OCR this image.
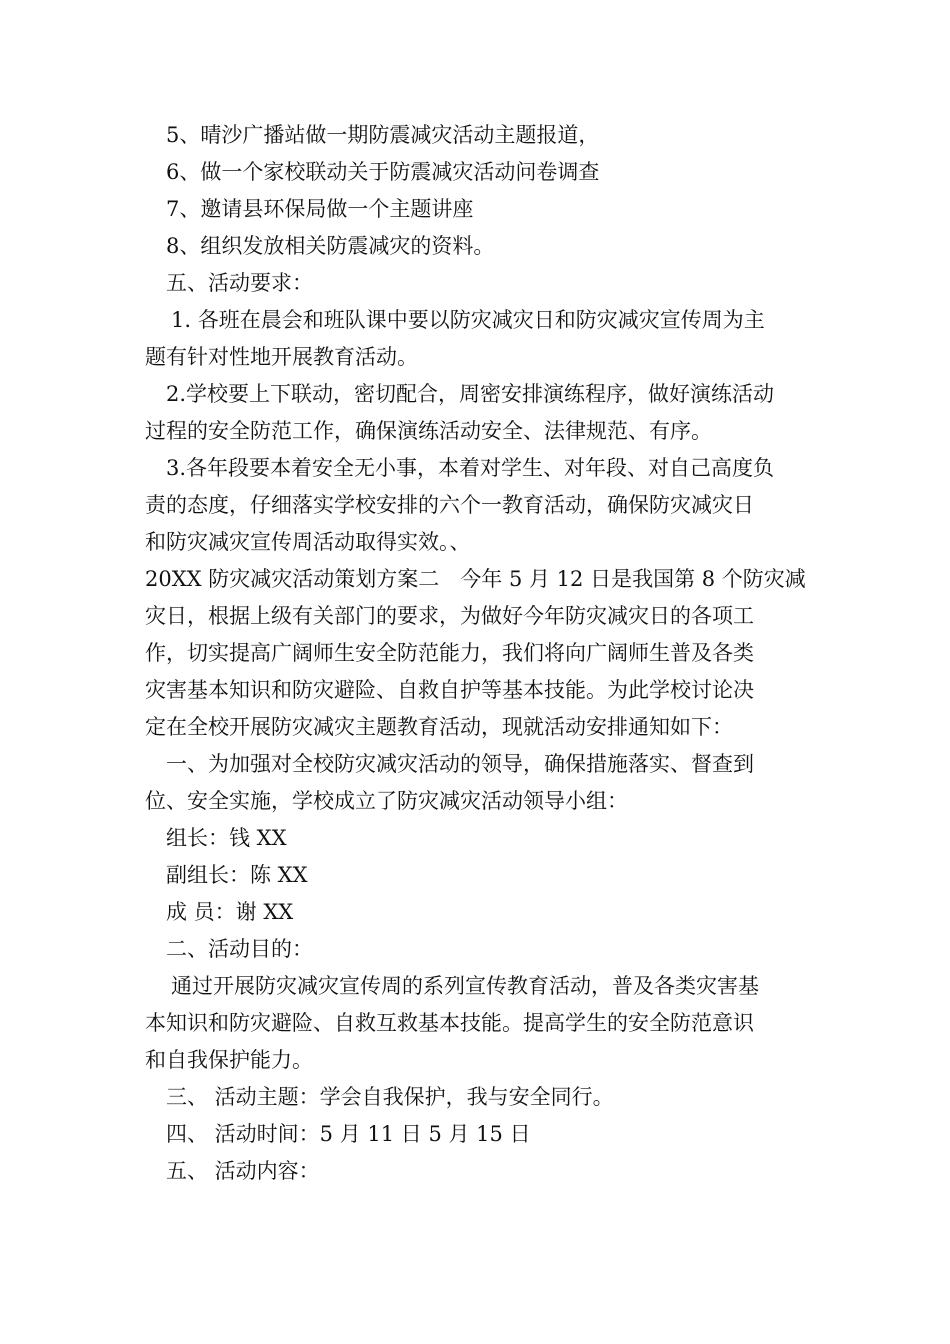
5、晴沙广播站做一期防震减灾活动主题报道，
6、做一个家校联动关于防震减灾活动问卷调查
7、邀请县环保局做一个主题讲座
8、组织发放相关防震减灾的资料。
五、活动要求：
1. 各班在晨会和班队课中要以防灾减灾日和防灾减灾宣传周为主
题有针对性地开展教育活动。
2.学校要上下联动，密切配合，周密安排演练程序，做好演练活动
过程的安全防范工作，确保演练活动安全、法律规范、有序。
3.各年段要本着安全无小事，本着对学生、对年段、对自己高度负
责的态度，仔细落实学校安排的六个一教育活动，确保防灾减灾日
和防灾减灾宣传周活动取得实效。、
20XX 防灾减灾活动策划方案二　今年 5 月 12 日是我国第 8 个防灾减
灾日，根据上级有关部门的要求，为做好今年防灾减灾日的各项工
作，切实提高广阔师生安全防范能力，我们将向广阔师生普及各类
灾害基本知识和防灾避险、自救自护等基本技能。为此学校讨论决
定在全校开展防灾减灾主题教育活动，现就活动安排通知如下：
一、为加强对全校防灾减灾活动的领导，确保措施落实、督查到
位、安全实施，学校成立了防灾减灾活动领导小组：
组长：钱 XX
副组长：陈 XX
成 员：谢 XX
二、活动目的：
通过开展防灾减灾宣传周的系列宣传教育活动，普及各类灾害基
本知识和防灾避险、自救互救基本技能。提高学生的安全防范意识
和自我保护能力。
三、 活动主题：学会自我保护，我与安全同行。
四、 活动时间：5 月 11 日 5 月 15 日
五、 活动内容：
